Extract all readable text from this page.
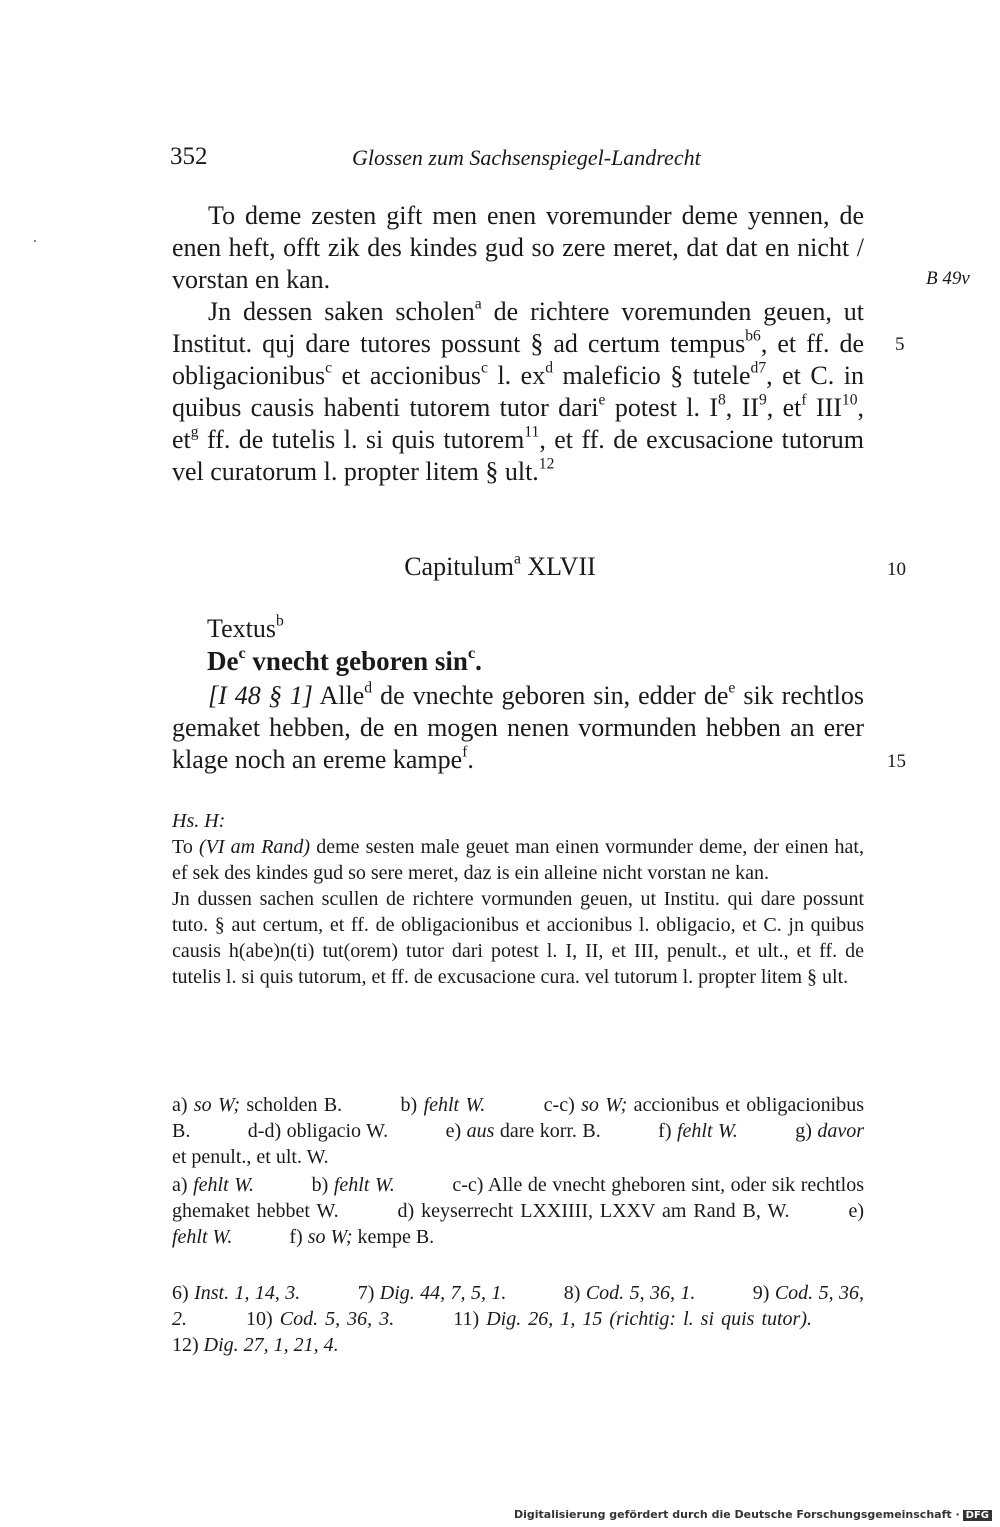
352	Glossen zum Sachsenspiegel-Landrecht
B 49v
5
10
15

To deme zesten gift men enen voremunder deme yennen, de enen heft, offt zik des kindes gud so zere meret, dat dat en nicht / vorstan en kan.

Jn dessen saken scholen$^a$ de richtere voremunden geuen, ut Institut. quj dare tutores possunt § ad certum tempus$^{b6}$, et ff. de obligacionibus$^c$ et accionibus$^c$ l. $ex^d$ maleficio § tutele$^{d7}$, et C. in quibus causis habenti tutorem tutor dari$^e$ potest l. $I^8$, $II^9$, $et^f$ III$^{10}$, $et^g$ ff. de tutelis l. si quis tutorem$^{11}$, et ff. de excusacione tutorum vel curatorum l. propter litem § ult.$^{12}$

Capitulum$^a$ XLVII
Textus$^b$
De$^c$ vnecht geboren $\sin^c$.

[I 48 § 1] Alle$^d$ de vnechte geboren sin, edder $de^e$ sik rechtlos gemaket hebben, de en mogen nenen vormunden hebben an erer klage noch an ereme kampe$^f$.

Hs. H:

To (VI am Rand) deme sesten male geuet man einen vormunder deme, der einen hat, ef sek des kindes gud so sere meret, daz is ein alleine nicht vorstan ne kan.

Jn dussen sachen scullen de richtere vormunden geuen, ut Institu. qui dare possunt tuto. § aut certum, et ff. de obligacionibus et accionibus l. obligacio, et C. jn quibus causis h(abe)n(ti) tut(orem) tutor dari potest l. I, II, et III, penult., et ult., et ff. de tutelis l. si quis tutorum, et ff. de excusacione cura. vel tutorum l. propter litem § ult.

a) so W; scholden B.	b) fehlt W.	c-c) so W; accionibus et obligacionibus B.	d-d) obligacio W.	e) aus dare korr. B.	f) fehlt W.	g) davor et penult., et ult. W.

a) fehlt W.	b) fehlt W.	c-c) Alle de vnecht gheboren sint, oder sik rechtlos ghemaket hebbet W.	d) keyserrecht LXXIIII, LXXV am Rand B, W.	e) fehlt W.	f) so W; kempe B.

6) Inst. 1, 14, 3.	7) Dig. 44, 7, 5, 1.	8) Cod. 5, 36, 1.	9) Cod. 5, 36, 2.	10) Cod. 5, 36, 3.	11) Dig. 26, 1, 15 (richtig: l. si quis tutor). 12) Dig. 27, 1, 21, 4.

Digitalisierung gefördert durch die Deutsche Forschungsgemeinschaft · DFG
